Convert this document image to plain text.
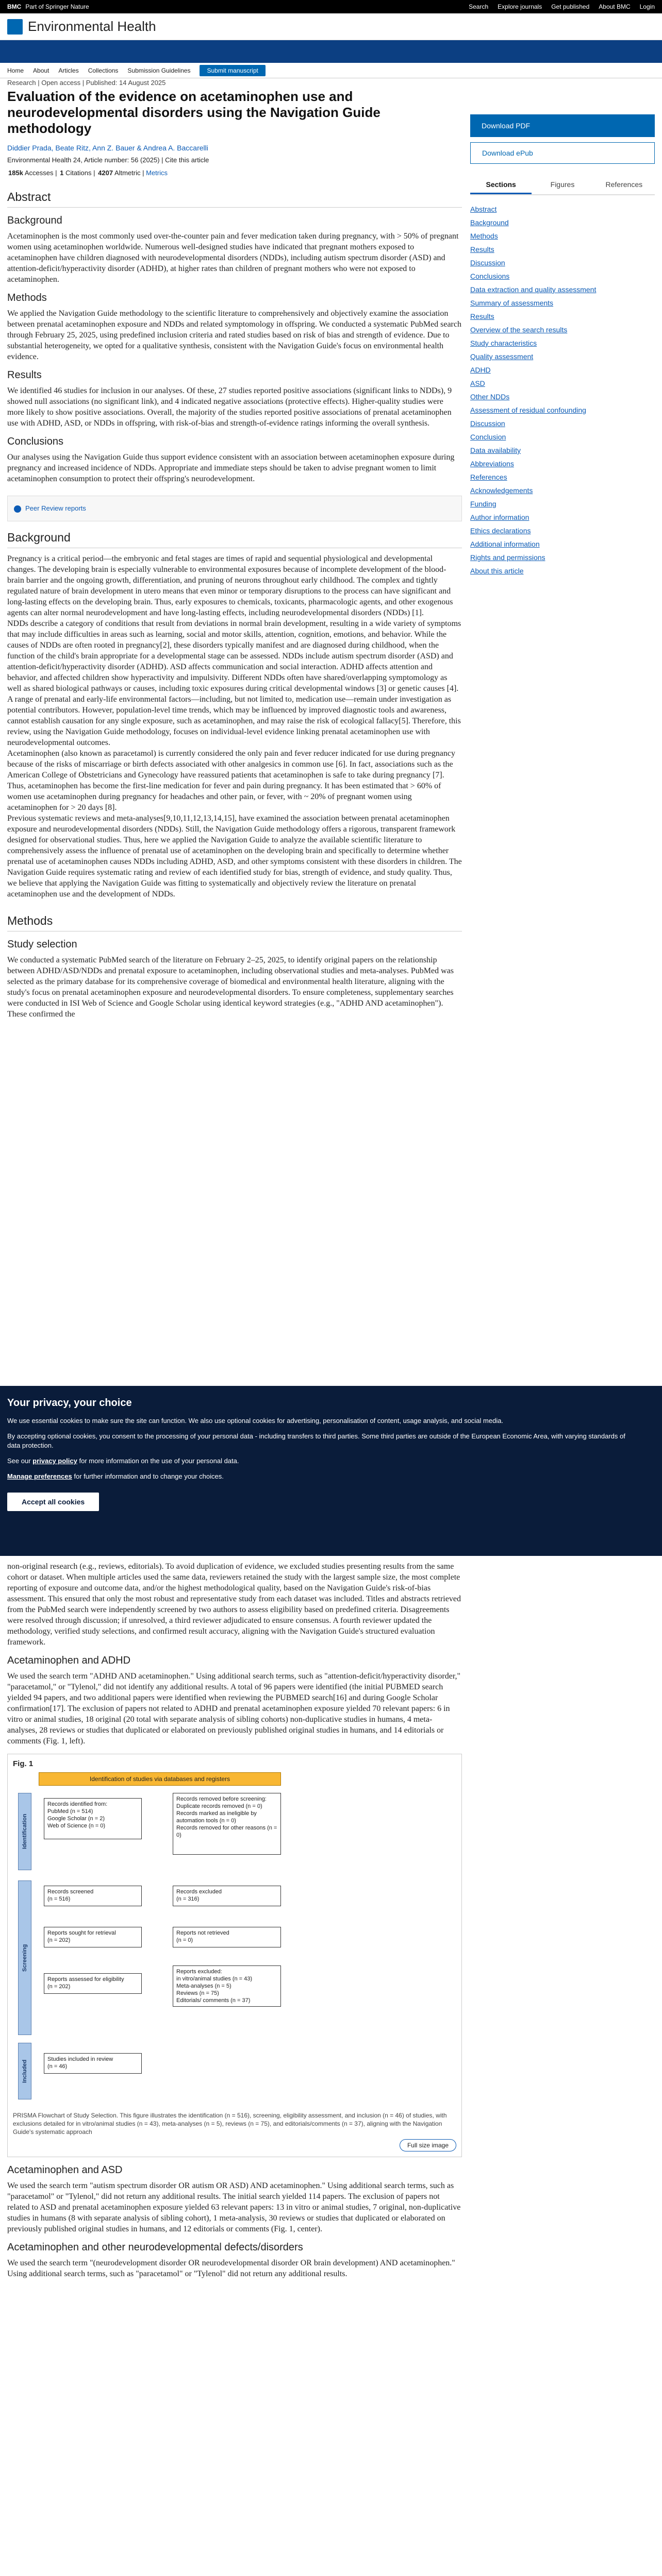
BMC Part of Springer Nature	Search Explore journals Get published About BMC Login
Environmental Health
Home About Articles Collections Submission Guidelines	Submit manuscript
Research | Open access | Published: 14 August 2025
Evaluation of the evidence on acetaminophen use and neurodevelopmental disorders using the Navigation Guide methodology
Diddier Prada, Beate Ritz, Ann Z. Bauer & Andrea A. Baccarelli
Environmental Health 24, Article number: 56 (2025) | Cite this article
185k Accesses | 1 Citations | 4207 Altmetric | Metrics
Abstract
Background

Acetaminophen is the most commonly used over-the-counter pain and fever medication taken during pregnancy, with > 50% of pregnant women using acetaminophen worldwide. Numerous well-designed studies have indicated that pregnant mothers exposed to acetaminophen have children diagnosed with neurodevelopmental disorders (NDDs), including autism spectrum disorder (ASD) and attention-deficit/hyperactivity disorder (ADHD), at higher rates than children of pregnant mothers who were not exposed to acetaminophen.

Methods

We applied the Navigation Guide methodology to the scientific literature to comprehensively and objectively examine the association between prenatal acetaminophen exposure and NDDs and related symptomology in offspring. We conducted a systematic PubMed search through February 25, 2025, using predefined inclusion criteria and rated studies based on risk of bias and strength of evidence. Due to substantial heterogeneity, we opted for a qualitative synthesis, consistent with the Navigation Guide's focus on environmental health evidence.

Results

We identified 46 studies for inclusion in our analyses. Of these, 27 studies reported positive associations (significant links to NDDs), 9 showed null associations (no significant link), and 4 indicated negative associations (protective effects). Higher-quality studies were more likely to show positive associations. Overall, the majority of the studies reported positive associations of prenatal acetaminophen use with ADHD, ASD, or NDDs in offspring, with risk-of-bias and strength-of-evidence ratings informing the overall synthesis.

Conclusions

Our analyses using the Navigation Guide thus support evidence consistent with an association between acetaminophen exposure during pregnancy and increased incidence of NDDs. Appropriate and immediate steps should be taken to advise pregnant women to limit acetaminophen consumption to protect their offspring's neurodevelopment.

Peer Review reports
Background

Pregnancy is a critical period—the embryonic and fetal stages are times of rapid and sequential physiological and developmental changes. The developing brain is especially vulnerable to environmental exposures because of incomplete development of the blood-brain barrier and the ongoing growth, differentiation, and pruning of neurons throughout early childhood. The complex and tightly regulated nature of brain development in utero means that even minor or temporary disruptions to the process can have significant and long-lasting effects on the developing brain. Thus, early exposures to chemicals, toxicants, pharmacologic agents, and other exogenous agents can alter normal neurodevelopment and have long-lasting effects, including neurodevelopmental disorders (NDDs) [1].

NDDs describe a category of conditions that result from deviations in normal brain development, resulting in a wide variety of symptoms that may include difficulties in areas such as learning, social and motor skills, attention, cognition, emotions, and behavior. While the causes of NDDs are often rooted in pregnancy[2], these disorders typically manifest and are diagnosed during childhood, when the function of the child's brain appropriate for a developmental stage can be assessed. NDDs include autism spectrum disorder (ASD) and attention-deficit/hyperactivity disorder (ADHD). ASD affects communication and social interaction. ADHD affects attention and behavior, and affected children show hyperactivity and impulsivity. Different NDDs often have shared/overlapping symptomology as well as shared biological pathways or causes, including toxic exposures during critical developmental windows [3] or genetic causes [4]. A range of prenatal and early-life environmental factors—including, but not limited to, medication use—remain under investigation as potential contributors. However, population-level time trends, which may be influenced by improved diagnostic tools and awareness, cannot establish causation for any single exposure, such as acetaminophen, and may raise the risk of ecological fallacy[5]. Therefore, this review, using the Navigation Guide methodology, focuses on individual-level evidence linking prenatal acetaminophen use with neurodevelopmental outcomes.

Acetaminophen (also known as paracetamol) is currently considered the only pain and fever reducer indicated for use during pregnancy because of the risks of miscarriage or birth defects associated with other analgesics in common use [6]. In fact, associations such as the American College of Obstetricians and Gynecology have reassured patients that acetaminophen is safe to take during pregnancy [7]. Thus, acetaminophen has become the first-line medication for fever and pain during pregnancy. It has been estimated that > 60% of women use acetaminophen during pregnancy for headaches and other pain, or fever, with ~ 20% of pregnant women using acetaminophen for > 20 days [8].

Previous systematic reviews and meta-analyses[9,10,11,12,13,14,15], have examined the association between prenatal acetaminophen exposure and neurodevelopmental disorders (NDDs). Still, the Navigation Guide methodology offers a rigorous, transparent framework designed for observational studies. Thus, here we applied the Navigation Guide to analyze the available scientific literature to comprehensively assess the influence of prenatal use of acetaminophen on the developing brain and specifically to determine whether prenatal use of acetaminophen causes NDDs including ADHD, ASD, and other symptoms consistent with these disorders in children. The Navigation Guide requires systematic rating and review of each identified study for bias, strength of evidence, and study quality. Thus, we believe that applying the Navigation Guide was fitting to systematically and objectively review the literature on prenatal acetaminophen use and the development of NDDs.

Methods
Study selection

We conducted a systematic PubMed search of the literature on February 2–25, 2025, to identify original papers on the relationship between ADHD/ASD/NDDs and prenatal exposure to acetaminophen, including observational studies and meta-analyses. PubMed was selected as the primary database for its comprehensive coverage of biomedical and environmental health literature, aligning with the study's focus on prenatal acetaminophen exposure and neurodevelopmental disorders. To ensure completeness, supplementary searches were conducted in ISI Web of Science and Google Scholar using identical keyword strategies (e.g., "ADHD AND acetaminophen"). These confirmed the

Your privacy, your choice

We use essential cookies to make sure the site can function. We also use optional cookies for advertising, personalisation of content, usage analysis, and social media.

By accepting optional cookies, you consent to the processing of your personal data - including transfers to third parties. Some third parties are outside of the European Economic Area, with varying standards of data protection.

See our privacy policy for more information on the use of your personal data.

Manage preferences for further information and to change your choices.

Accept all cookies

non-original research (e.g., reviews, editorials). To avoid duplication of evidence, we excluded studies presenting results from the same cohort or dataset. When multiple articles used the same data, reviewers retained the study with the largest sample size, the most complete reporting of exposure and outcome data, and/or the highest methodological quality, based on the Navigation Guide's risk-of-bias assessment. This ensured that only the most robust and representative study from each dataset was included. Titles and abstracts retrieved from the PubMed search were independently screened by two authors to assess eligibility based on predefined criteria. Disagreements were resolved through discussion; if unresolved, a third reviewer adjudicated to ensure consensus. A fourth reviewer updated the methodology, verified study selections, and confirmed result accuracy, aligning with the Navigation Guide's structured evaluation framework.

Acetaminophen and ADHD

We used the search term "ADHD AND acetaminophen." Using additional search terms, such as "attention-deficit/hyperactivity disorder," "paracetamol," or "Tylenol," did not identify any additional results. A total of 96 papers were identified (the initial PUBMED search yielded 94 papers, and two additional papers were identified when reviewing the PUBMED search[16] and during Google Scholar confirmation[17]. The exclusion of papers not related to ADHD and prenatal acetaminophen exposure yielded 70 relevant papers: 6 in vitro or animal studies, 18 original (20 total with separate analysis of sibling cohorts) non-duplicative studies in humans, 4 meta-analyses, 28 reviews or studies that duplicated or elaborated on previously published original studies in humans, and 14 editorials or comments (Fig. 1, left).

Fig. 1
Identification of studies via databases and registers
Identification
Screening
Included
Records identified from:
PubMed (n = 514)
Google Scholar (n = 2)
Web of Science (n = 0)
Records removed before screening:
Duplicate records removed (n = 0)
Records marked as ineligible by automation tools (n = 0)
Records removed for other reasons (n = 0)
Records screened
(n = 516)
Records excluded
(n = 316)
Reports sought for retrieval
(n = 202)
Reports not retrieved
(n = 0)
Reports assessed for eligibility
(n = 202)
Reports excluded:
in vitro/animal studies (n = 43)
Meta-analyses (n = 5)
Reviews (n = 75)
Editorials/ comments (n = 37)
Studies included in review
(n = 46)
PRISMA Flowchart of Study Selection. This figure illustrates the identification (n = 516), screening, eligibility assessment, and inclusion (n = 46) of studies, with exclusions detailed for in vitro/animal studies (n = 43), meta-analyses (n = 5), reviews (n = 75), and editorials/comments (n = 37), aligning with the Navigation Guide's systematic approach
Full size image
Acetaminophen and ASD

We used the search term "autism spectrum disorder OR autism OR ASD) AND acetaminophen." Using additional search terms, such as "paracetamol" or "Tylenol," did not return any additional results. The initial search yielded 114 papers. The exclusion of papers not related to ASD and prenatal acetaminophen exposure yielded 63 relevant papers: 13 in vitro or animal studies, 7 original, non-duplicative studies in humans (8 with separate analysis of sibling cohort), 1 meta-analysis, 30 reviews or studies that duplicated or elaborated on previously published original studies in humans, and 12 editorials or comments (Fig. 1, center).

Acetaminophen and other neurodevelopmental defects/disorders

We used the search term "(neurodevelopment disorder OR neurodevelopmental disorder OR brain development) AND acetaminophen." Using additional search terms, such as "paracetamol" or "Tylenol" did not return any additional results.

Download PDF
Download ePub
Sections	Figures	References
Abstract
Background
Methods
Results
Discussion
Conclusions
Data extraction and quality assessment
Summary of assessments
Results
Overview of the search results
Study characteristics
Quality assessment
ADHD
ASD
Other NDDs
Assessment of residual confounding
Discussion
Conclusion
Data availability
Abbreviations
References
Acknowledgements
Funding
Author information
Ethics declarations
Additional information
Rights and permissions
About this article
